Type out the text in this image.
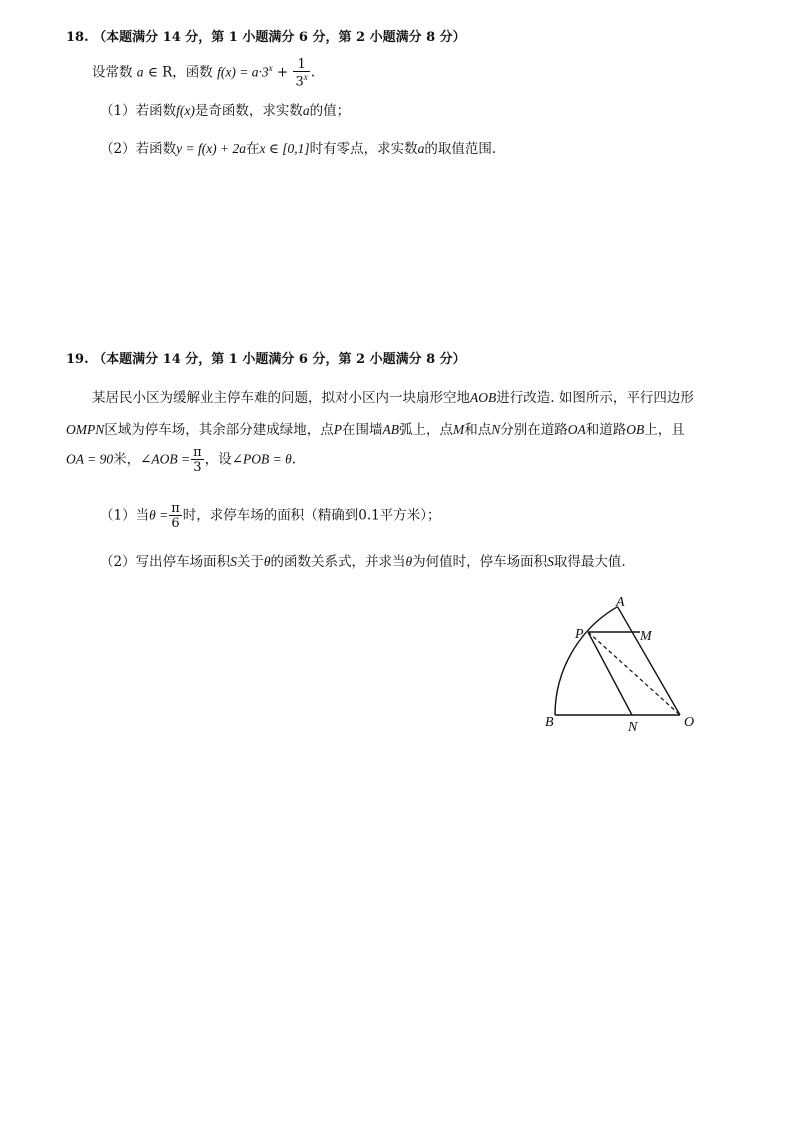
18. （本题满分 14 分，第 1 小题满分 6 分，第 2 小题满分 8 分）
设常数 a ∈ R，函数 $f(x) = a\cdot 3^x + \frac{1}{3^x}$ .
（1）若函数f(x)是奇函数，求实数a的值；
（2）若函数y = f(x) + 2a在x ∈ [0,1]时有零点，求实数a的取值范围.
19. （本题满分 14 分，第 1 小题满分 6 分，第 2 小题满分 8 分）
某居民小区为缓解业主停车难的问题，拟对小区内一块扇形空地AOB进行改造. 如图所示，平行四边形
OMPN区域为停车场，其余部分建成绿地，点P在围墙AB弧上，点M和点N分别在道路OA和道路OB上，且
OA = 90米，∠AOB = $\frac{\pi}{3}$ ，设∠POB = θ.
（1）当$\theta = \frac{\pi}{6}$ 时，求停车场的面积（精确到0.1平方米）；
（2）写出停车场面积S关于θ的函数关系式，并求当θ为何值时，停车场面积S取得最大值.
A
P	M
B	N	O
